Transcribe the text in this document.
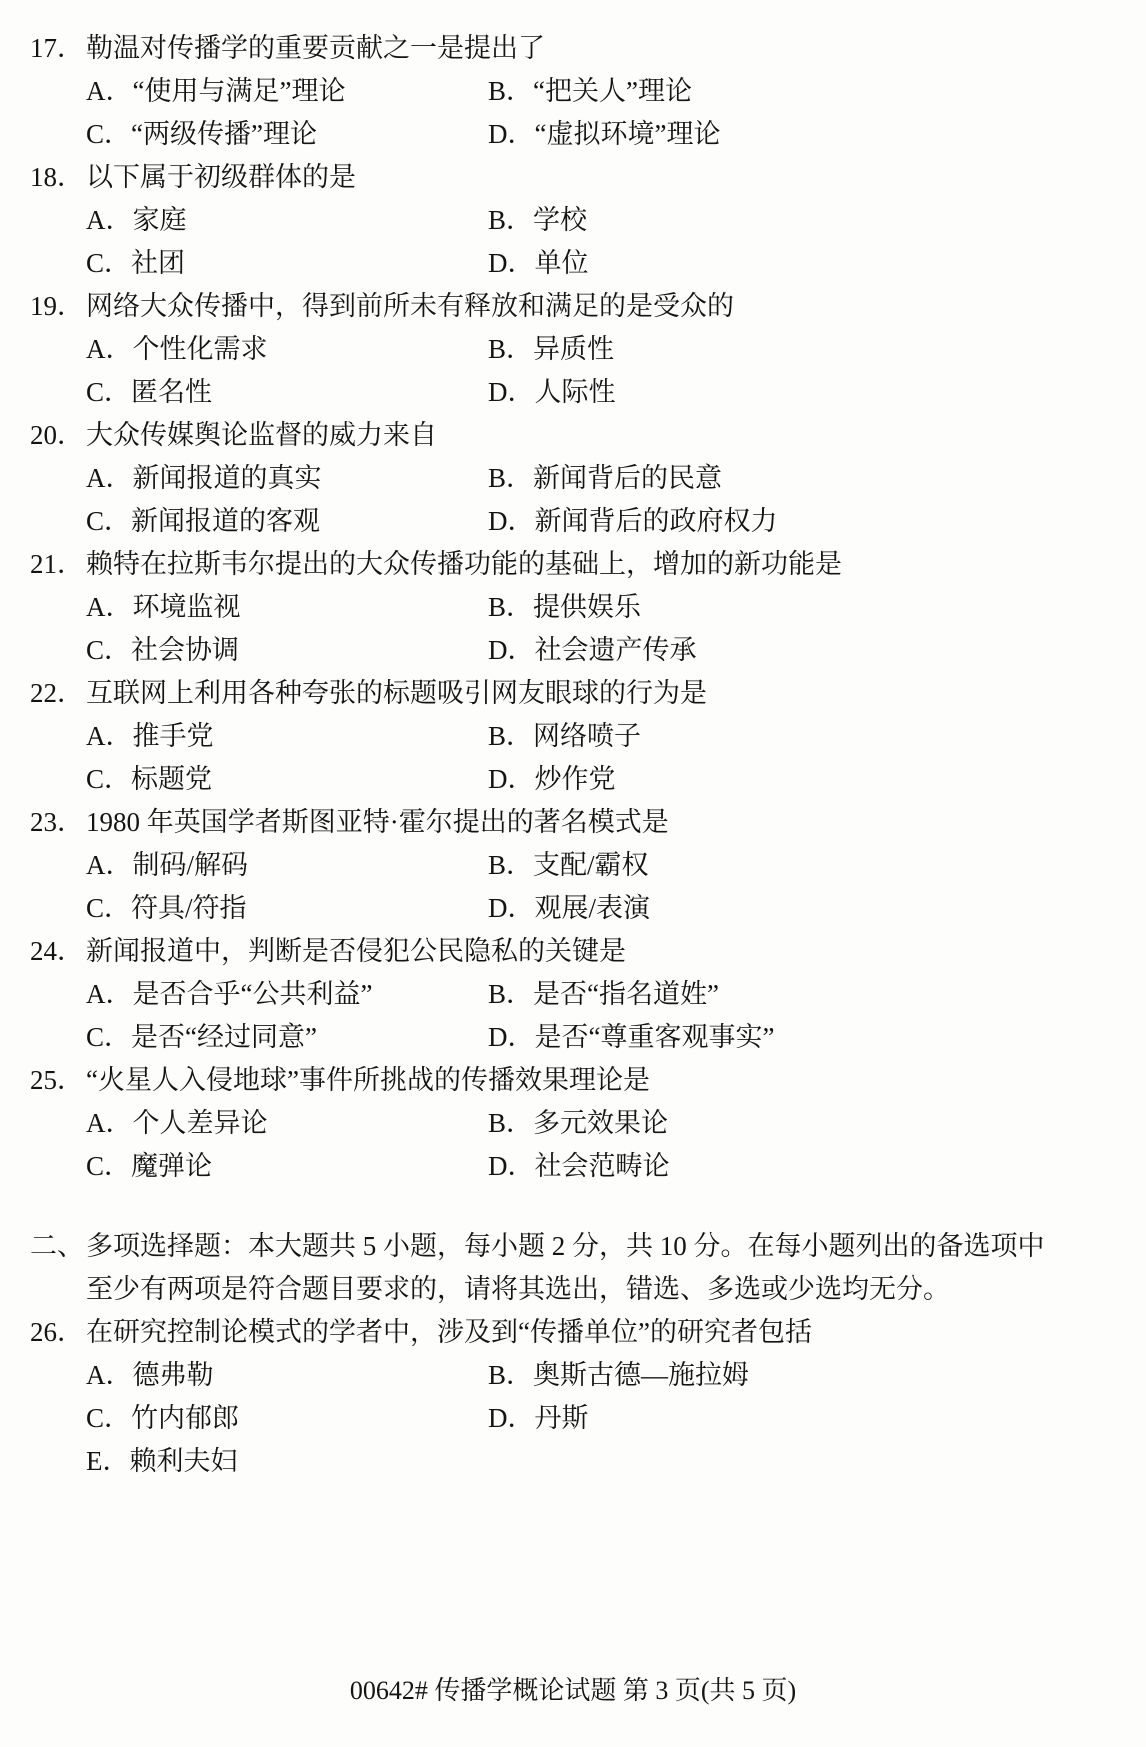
17． 勒温对传播学的重要贡献之一是提出了
A．“使用与满足”理论	B．“把关人”理论
C．“两级传播”理论	D．“虚拟环境”理论
18． 以下属于初级群体的是
A．家庭	B．学校
C．社团	D．单位
19． 网络大众传播中，得到前所未有释放和满足的是受众的
A．个性化需求	B．异质性
C．匿名性	D．人际性
20． 大众传媒舆论监督的威力来自
A．新闻报道的真实	B．新闻背后的民意
C．新闻报道的客观	D．新闻背后的政府权力
21． 赖特在拉斯韦尔提出的大众传播功能的基础上，增加的新功能是
A．环境监视	B．提供娱乐
C．社会协调	D．社会遗产传承
22． 互联网上利用各种夸张的标题吸引网友眼球的行为是
A．推手党	B．网络喷子
C．标题党	D．炒作党
23． 1980 年英国学者斯图亚特·霍尔提出的著名模式是
A．制码/解码	B．支配/霸权
C．符具/符指	D．观展/表演
24． 新闻报道中，判断是否侵犯公民隐私的关键是
A．是否合乎“公共利益”	B．是否“指名道姓”
C．是否“经过同意”	D．是否“尊重客观事实”
25． “火星人入侵地球”事件所挑战的传播效果理论是
A．个人差异论	B．多元效果论
C．魔弹论	D．社会范畴论
二、 多项选择题：本大题共 5 小题，每小题 2 分，共 10 分。在每小题列出的备选项中
至少有两项是符合题目要求的，请将其选出，错选、多选或少选均无分。
26． 在研究控制论模式的学者中，涉及到“传播单位”的研究者包括
A．德弗勒	B．奥斯古德—施拉姆
C．竹内郁郎	D．丹斯
E．赖利夫妇
00642# 传播学概论试题 第 3 页(共 5 页)
